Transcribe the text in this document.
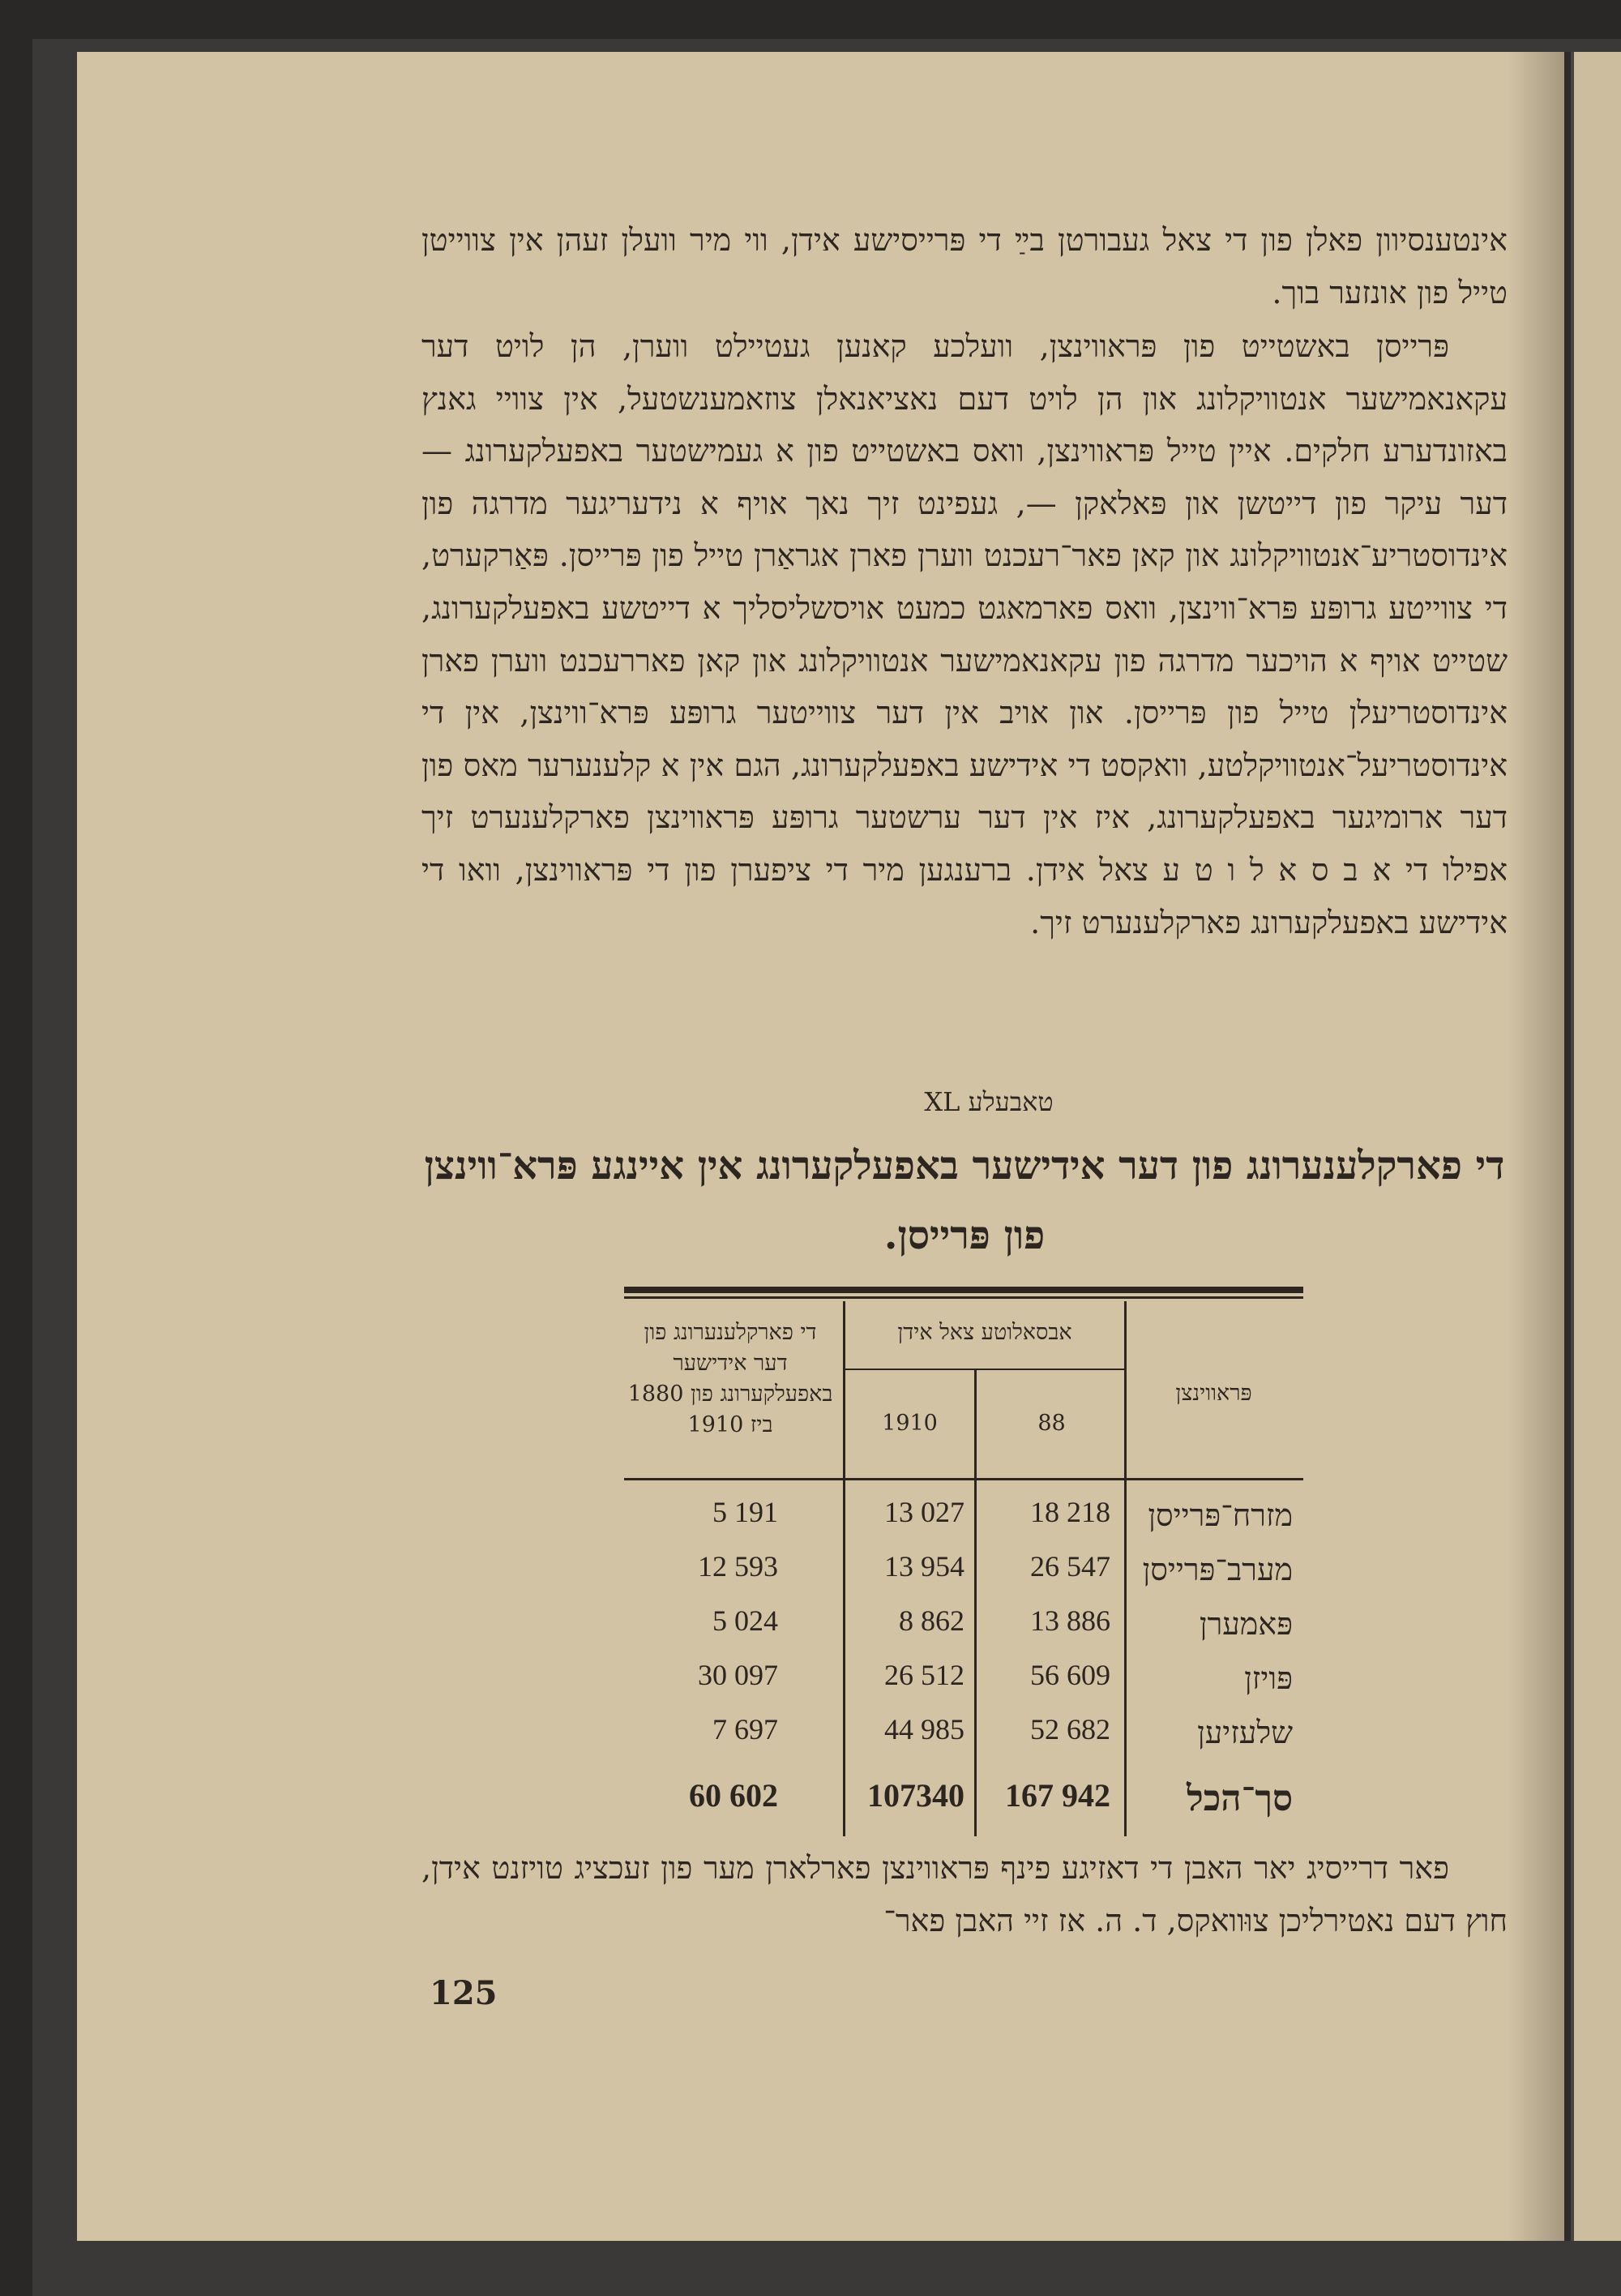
אינטענסיוון פאלן פון די צאל געבורטן בײַ די פּרייסישע אידן, ווי מיר וועלן זעהן אין צווייטן טייל פון אונזער בוך.
פּרייסן באשטייט פון פּראווינצן, וועלכע קאנען געטיילט ווערן, הן לויט דער עקאנאמישער אנטוויקלונג און הן לויט דעם נאציאנאלן צוזאמענשטעל, אין צוויי גאנץ באזונדערע חלקים. איין טייל פּראווינצן, וואס באשטייט פון א געמישטער באפעלקערונג — דער עיקר פון דייטשן און פּאלאקן —, געפינט זיך נאך אויף א נידעריגער מדרגה פון אינדוסטריע־אנטוויקלונג און קאן פאר־רעכנט ווערן פארן אגראַרן טייל פון פּרייסן. פּאַרקערט, די צווייטע גרופּע פּרא־ווינצן, וואס פארמאגט כמעט אויסשליסליך א דייטשע באפעלקערונג, שטייט אויף א הויכער מדרגה פון עקאנאמישער אנטוויקלונג און קאן פאררעכנט ווערן פארן אינדוסטריעלן טייל פון פּרייסן. און אויב אין דער צווייטער גרופּע פּרא־ווינצן, אין די אינדוסטריעל־אנטוויקלטע, וואקסט די אידישע באפעלקערונג, הגם אין א קלענערער מאס פון דער ארומיגער באפעלקערונג, איז אין דער ערשטער גרופּע פּראווינצן פארקלענערט זיך אפילו די א ב ס א ל ו ט ע צאל אידן. ברענגען מיר די ציפערן פון די פּראווינצן, וואו די אידישע באפעלקערונג פארקלענערט זיך.
טאבעלע XL
די פארקלענערונג פון דער אידישער באפעלקערונג אין איינגע פּרא־ווינצן פון פּרייסן.
פּראווינצן
אבסאלוטע צאל אידן
88
1910
די פארקלענערונג פון דער אידישער באפעלקערונג פון 1880 ביז 1910
מזרח־פּרייסן
18 218
13 027
5 191
מערב־פּרייסן
26 547
13 954
12 593
פּאמערן
13 886
8 862
5 024
פּויזן
56 609
26 512
30 097
שלעזיען
52 682
44 985
7 697
סך־הכל
167 942
107340
60 602
פאר דרייסיג יאר האבן די דאזיגע פינף פּראווינצן פארלארן מער פון זעכציג טויזנט אידן, חוץ דעם נאטירליכן צוּוואקס, ד. ה. אז זיי האבן פאר־
125
